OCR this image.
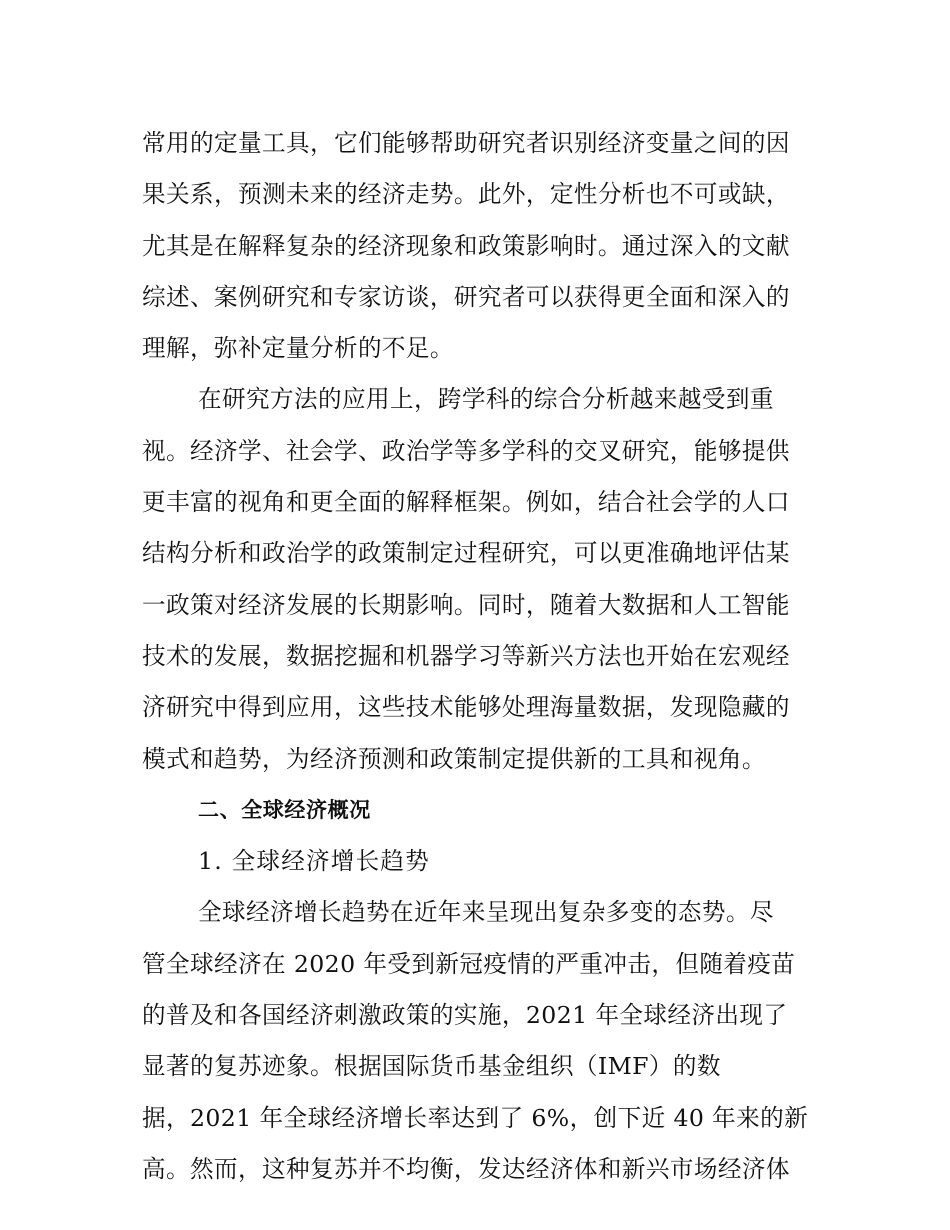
常用的定量工具，它们能够帮助研究者识别经济变量之间的因
果关系，预测未来的经济走势。此外，定性分析也不可或缺，
尤其是在解释复杂的经济现象和政策影响时。通过深入的文献
综述、案例研究和专家访谈，研究者可以获得更全面和深入的
理解，弥补定量分析的不足。
在研究方法的应用上，跨学科的综合分析越来越受到重
视。经济学、社会学、政治学等多学科的交叉研究，能够提供
更丰富的视角和更全面的解释框架。例如，结合社会学的人口
结构分析和政治学的政策制定过程研究，可以更准确地评估某
一政策对经济发展的长期影响。同时，随着大数据和人工智能
技术的发展，数据挖掘和机器学习等新兴方法也开始在宏观经
济研究中得到应用，这些技术能够处理海量数据，发现隐藏的
模式和趋势，为经济预测和政策制定提供新的工具和视角。
二、全球经济概况
1. 全球经济增长趋势
全球经济增长趋势在近年来呈现出复杂多变的态势。尽
管全球经济在 2020 年受到新冠疫情的严重冲击，但随着疫苗
的普及和各国经济刺激政策的实施，2021 年全球经济出现了
显著的复苏迹象。根据国际货币基金组织（IMF）的数
据，2021 年全球经济增长率达到了 6%，创下近 40 年来的新
高。然而，这种复苏并不均衡，发达经济体和新兴市场经济体
